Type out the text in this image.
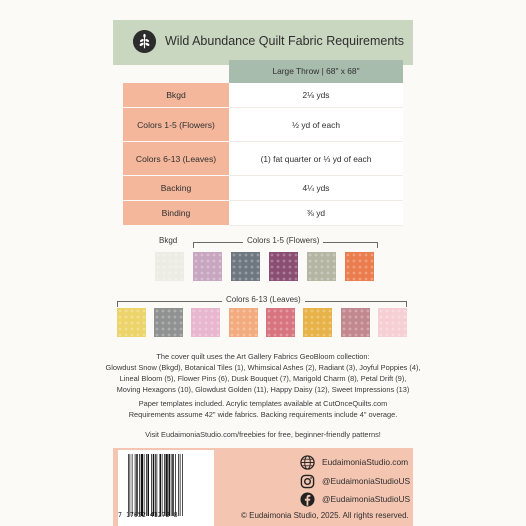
Wild Abundance Quilt Fabric Requirements
Large Throw | 68" x 68"
Bkgd	2⅛ yds
Colors 1-5 (Flowers)	½ yd of each
Colors 6-13 (Leaves)	(1) fat quarter or ⅓ yd of each
Backing	4¼ yds
Binding	⅜ yd
Bkgd	Colors 1-5 (Flowers)
Colors 6-13 (Leaves)
The cover quilt uses the Art Gallery Fabrics GeoBloom collection:
Glowdust Snow (Bkgd), Botanical Tiles (1), Whimsical Ashes (2), Radiant (3), Joyful Poppies (4),
Lineal Bloom (5), Flower Pins (6), Dusk Bouquet (7), Marigold Charm (8), Petal Drift (9),
Moving Hexagons (10), Glowdust Golden (11), Happy Daisy (12), Sweet Impressions (13)
Paper templates included. Acrylic templates available at CutOnceQuilts.com
Requirements assume 42" wide fabrics. Backing requirements include 4" overage.
Visit EudaimoniaStudio.com/freebies for free, beginner-friendly patterns!
7 17052 41272 8
EudaimoniaStudio.com
@EudaimoniaStudioUS
@EudaimoniaStudioUS
© Eudaimonia Studio, 2025. All rights reserved.
